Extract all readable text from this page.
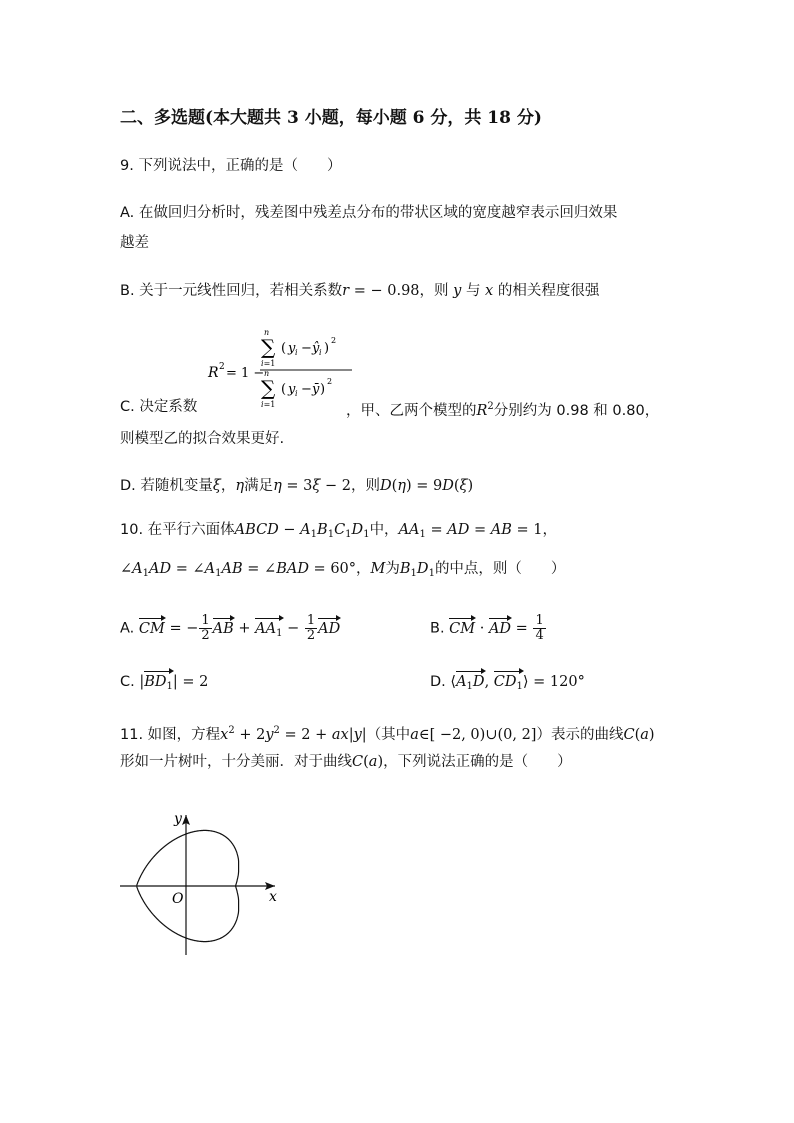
二、多选题(本大题共 3 小题，每小题 6 分，共 18 分)
9. 下列说法中，正确的是（　　）
A. 在做回归分析时，残差图中残差点分布的带状区域的宽度越窄表示回归效果
越差
B. 关于一元线性回归，若相关系数r = − 0.98，则 y 与 x 的相关程度很强
R 2 = 1 −
∑
n
i=1
( y i − ŷ i )
2
∑
n
i=1
( y i − ȳ )
2
C. 决定系数	，甲、乙两个模型的$R^2$分别约为 0.98 和 0.80，
则模型乙的拟合效果更好.
D. 若随机变量ξ，η满足η = 3ξ − 2，则D(η) = 9D(ξ)
10. 在平行六面体ABCD − $A_1B_1C_1D_1$中，$AA_1$ = AD = AB = 1，
$\angle A_1AD$ = $\angle A_1AB$ = ∠BAD = 60°，M为$B_1D_1$的中点，则（　　）
A. CM = − $\frac{1}{2}$ AB + $AA_1 - \frac{1}{2}$ AD	B. CM · AD = $\frac{1}{4}$
C. $|BD_1| = 2$	D. $⟨A_1D$, $CD_1⟩ = 120^\circ$
11. 如图，方程$x^2 + 2y^2 = 2 + ax|y|$（其中a∈[ −2, 0)∪(0, 2]）表示的曲线C(a)
形如一片树叶，十分美丽．对于曲线C(a)，下列说法正确的是（　　）
x
y
O
